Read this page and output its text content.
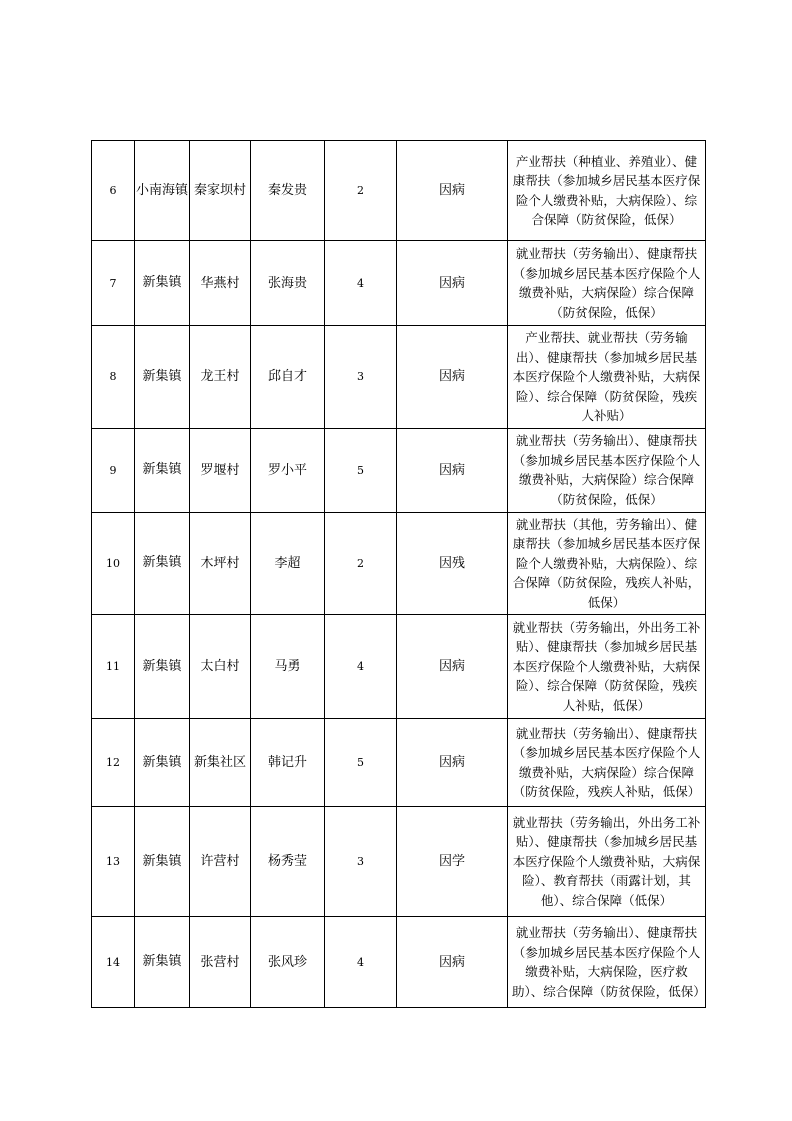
6	小南海镇	秦家坝村	秦发贵	2	因病	产业帮扶（种植业、养殖业）、健康帮扶（参加城乡居民基本医疗保险个人缴费补贴，大病保险）、综合保障（防贫保险，低保）
7	新集镇	华燕村	张海贵	4	因病	就业帮扶（劳务输出）、健康帮扶（参加城乡居民基本医疗保险个人缴费补贴，大病保险）综合保障（防贫保险，低保）
8	新集镇	龙王村	邱自才	3	因病	产业帮扶、就业帮扶（劳务输出）、健康帮扶（参加城乡居民基本医疗保险个人缴费补贴，大病保险）、综合保障（防贫保险，残疾人补贴）
9	新集镇	罗堰村	罗小平	5	因病	就业帮扶（劳务输出）、健康帮扶（参加城乡居民基本医疗保险个人缴费补贴，大病保险）综合保障（防贫保险，低保）
10	新集镇	木坪村	李超	2	因残	就业帮扶（其他，劳务输出）、健康帮扶（参加城乡居民基本医疗保险个人缴费补贴，大病保险）、综合保障（防贫保险，残疾人补贴，低保）
11	新集镇	太白村	马勇	4	因病	就业帮扶（劳务输出，外出务工补贴）、健康帮扶（参加城乡居民基本医疗保险个人缴费补贴，大病保险）、综合保障（防贫保险，残疾人补贴，低保）
12	新集镇	新集社区	韩记升	5	因病	就业帮扶（劳务输出）、健康帮扶（参加城乡居民基本医疗保险个人缴费补贴，大病保险）综合保障（防贫保险，残疾人补贴，低保）
13	新集镇	许营村	杨秀莹	3	因学	就业帮扶（劳务输出，外出务工补贴）、健康帮扶（参加城乡居民基本医疗保险个人缴费补贴，大病保险）、教育帮扶（雨露计划，其他）、综合保障（低保）
14	新集镇	张营村	张风珍	4	因病	就业帮扶（劳务输出）、健康帮扶（参加城乡居民基本医疗保险个人缴费补贴，大病保险，医疗救助）、综合保障（防贫保险，低保）
